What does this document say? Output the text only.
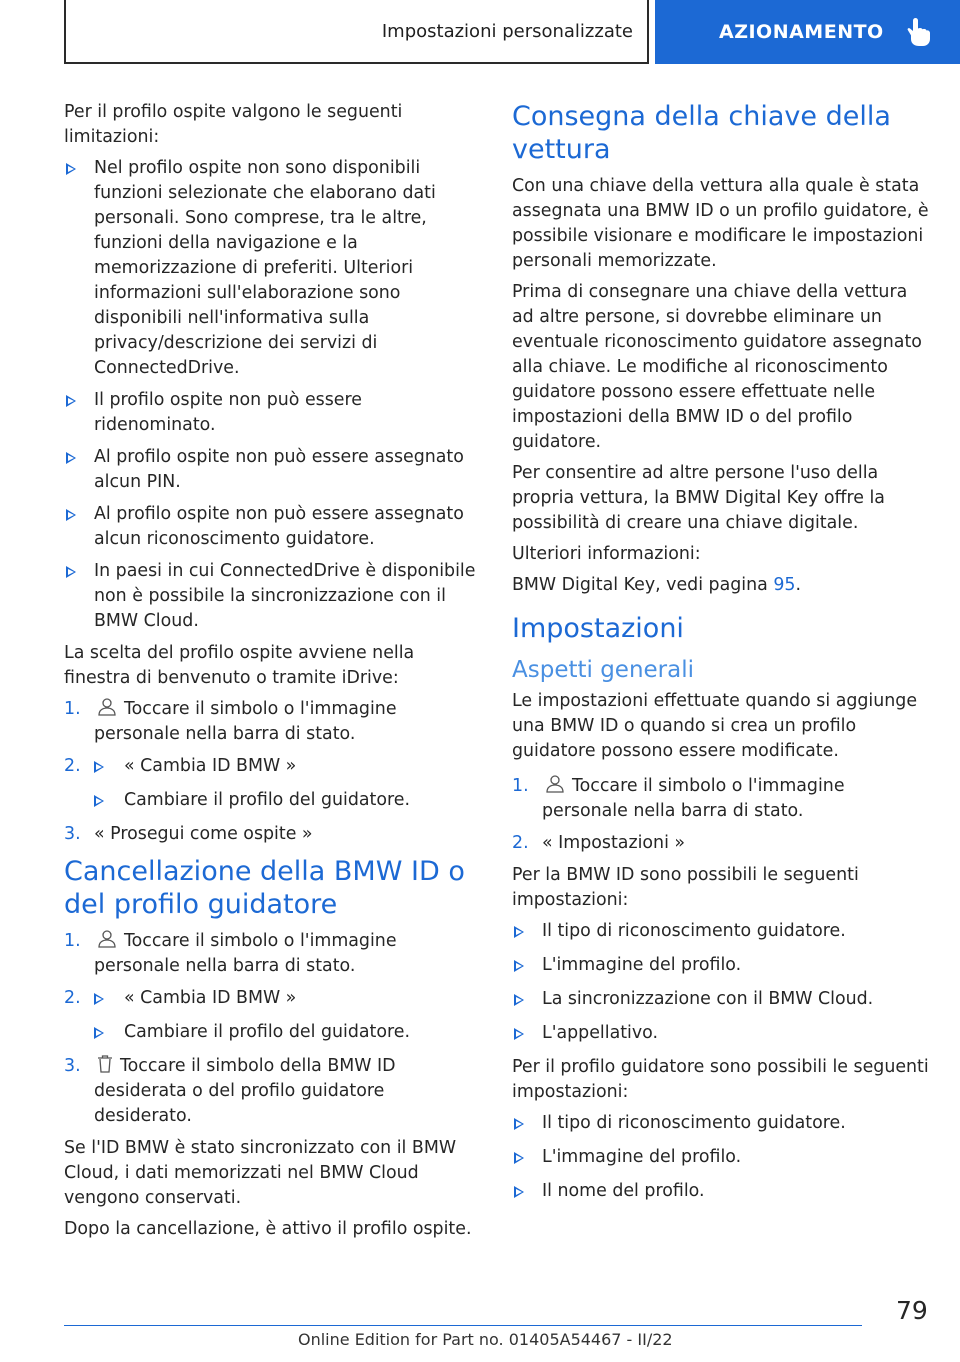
Impostazioni personalizzate	AZIONAMENTO

Per il profilo ospite valgono le seguenti limitazioni:

Nel profilo ospite non sono disponibili funzioni selezionate che elaborano dati personali. Sono comprese, tra le altre, funzioni della navigazione e la memorizzazione di preferiti. Ulteriori informazioni sull'elaborazione sono disponibili nell'informativa sulla privacy/descrizione dei servizi di ConnectedDrive.
Il profilo ospite non può essere ridenominato.
Al profilo ospite non può essere assegnato alcun PIN.
Al profilo ospite non può essere assegnato alcun riconoscimento guidatore.
In paesi in cui ConnectedDrive è disponibile non è possibile la sincronizzazione con il BMW Cloud.

La scelta del profilo ospite avviene nella finestra di benvenuto o tramite iDrive:

1.	Toccare il simbolo o l'immagine personale nella barra di stato.
2.	« Cambia ID BMW »
Cambiare il profilo del guidatore.
3. « Prosegui come ospite »
Cancellazione della BMW ID o del profilo guidatore
1.	Toccare il simbolo o l'immagine personale nella barra di stato.
2.	« Cambia ID BMW »
Cambiare il profilo del guidatore.
3.	Toccare il simbolo della BMW ID desiderata o del profilo guidatore desiderato.

Se l'ID BMW è stato sincronizzato con il BMW Cloud, i dati memorizzati nel BMW Cloud vengono conservati.

Dopo la cancellazione, è attivo il profilo ospite.

Consegna della chiave della vettura

Con una chiave della vettura alla quale è stata assegnata una BMW ID o un profilo guidatore, è possibile visionare e modificare le impostazioni personali memorizzate.

Prima di consegnare una chiave della vettura ad altre persone, si dovrebbe eliminare un eventuale riconoscimento guidatore assegnato alla chiave. Le modifiche al riconoscimento guidatore possono essere effettuate nelle impostazioni della BMW ID o del profilo guidatore.

Per consentire ad altre persone l'uso della propria vettura, la BMW Digital Key offre la possibilità di creare una chiave digitale.

Ulteriori informazioni:

BMW Digital Key, vedi pagina 95.

Impostazioni
Aspetti generali

Le impostazioni effettuate quando si aggiunge una BMW ID o quando si crea un profilo guidatore possono essere modificate.

1.	Toccare il simbolo o l'immagine personale nella barra di stato.
2. « Impostazioni »

Per la BMW ID sono possibili le seguenti impostazioni:

Il tipo di riconoscimento guidatore.
L'immagine del profilo.
La sincronizzazione con il BMW Cloud.
L'appellativo.

Per il profilo guidatore sono possibili le seguenti impostazioni:

Il tipo di riconoscimento guidatore.
L'immagine del profilo.
Il nome del profilo.
79
Online Edition for Part no. 01405A54467 - II/22
